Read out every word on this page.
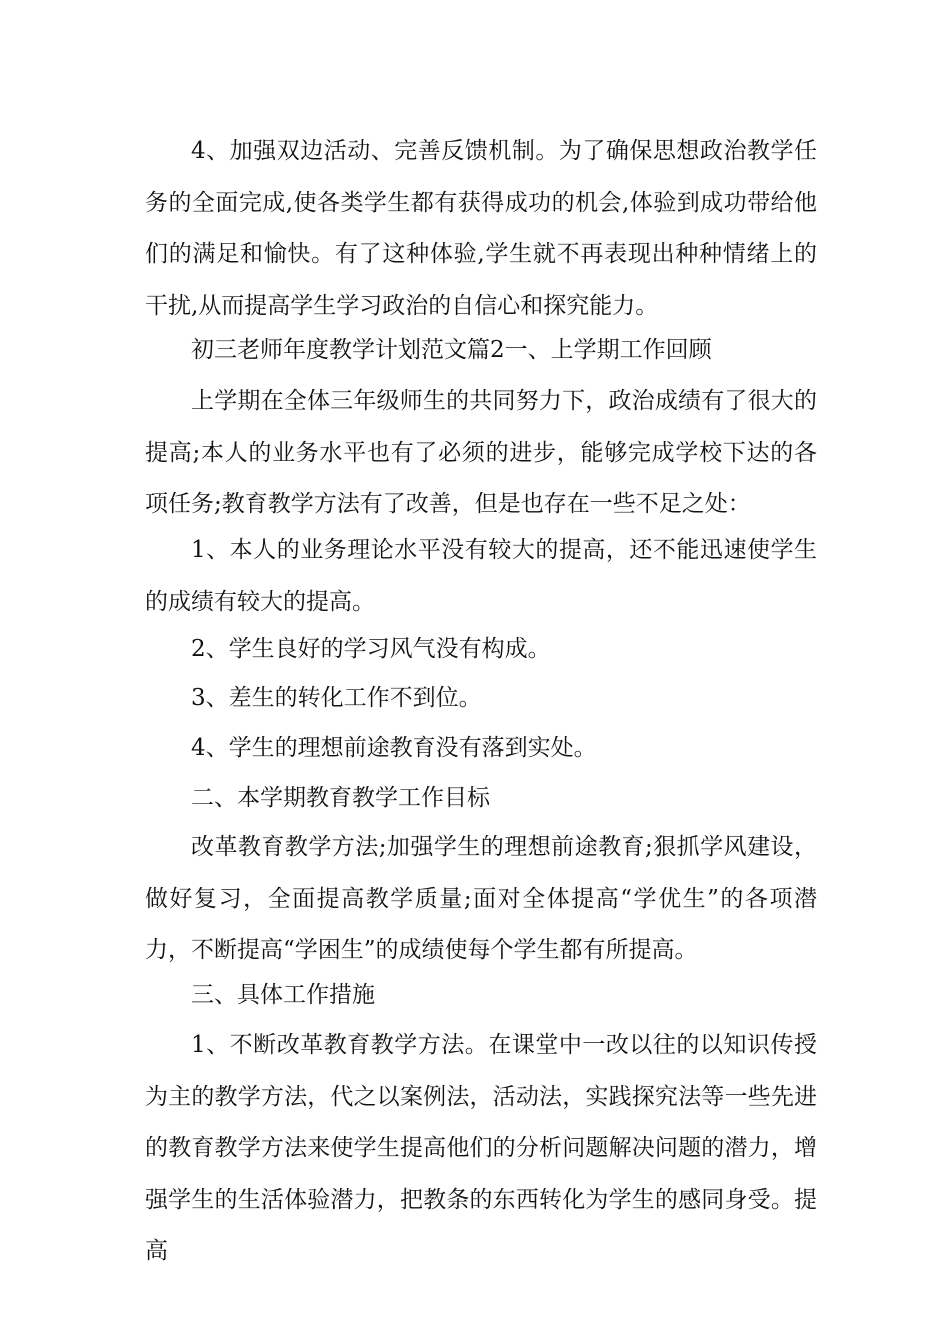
4、加强双边活动、完善反馈机制。为了确保思想政治教学任务的全面完成,使各类学生都有获得成功的机会,体验到成功带给他们的满足和愉快。有了这种体验,学生就不再表现出种种情绪上的干扰,从而提高学生学习政治的自信心和探究能力。

初三老师年度教学计划范文篇2一、上学期工作回顾

上学期在全体三年级师生的共同努力下，政治成绩有了很大的提高;本人的业务水平也有了必须的进步，能够完成学校下达的各项任务;教育教学方法有了改善，但是也存在一些不足之处：

1、本人的业务理论水平没有较大的提高，还不能迅速使学生的成绩有较大的提高。

2、学生良好的学习风气没有构成。

3、差生的转化工作不到位。

4、学生的理想前途教育没有落到实处。

二、本学期教育教学工作目标

改革教育教学方法;加强学生的理想前途教育;狠抓学风建设，做好复习，全面提高教学质量;面对全体提高“学优生”的各项潜力，不断提高“学困生”的成绩使每个学生都有所提高。

三、具体工作措施

1、不断改革教育教学方法。在课堂中一改以往的以知识传授为主的教学方法，代之以案例法，活动法，实践探究法等一些先进的教育教学方法来使学生提高他们的分析问题解决问题的潜力，增强学生的生活体验潜力，把教条的东西转化为学生的感同身受。提高
